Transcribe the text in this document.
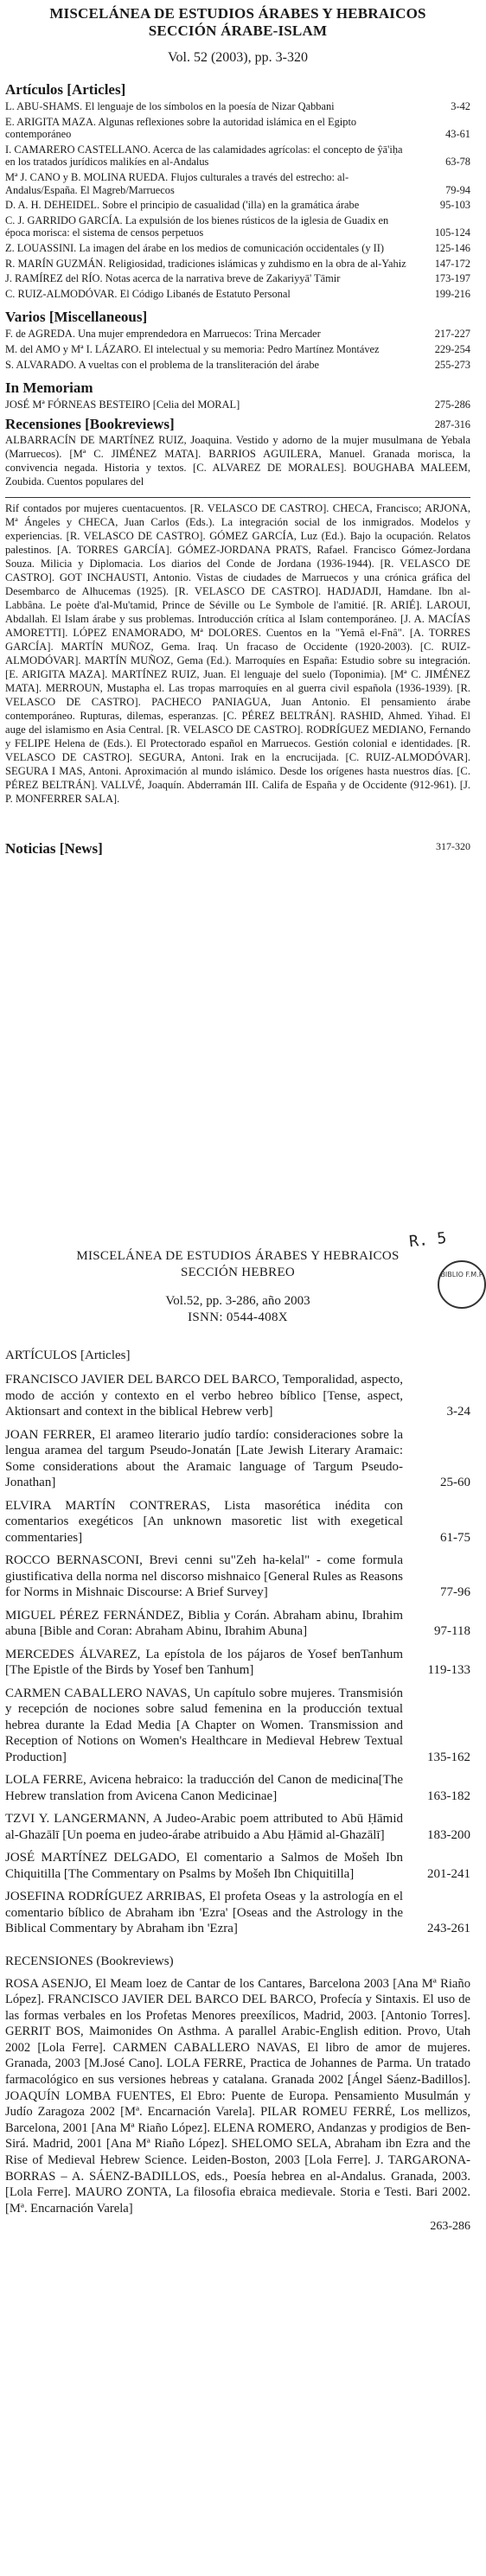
MISCELÁNEA DE ESTUDIOS ÁRABES Y HEBRAICOS

SECCIÓN ÁRABE-ISLAM

Vol. 52 (2003), pp. 3-320
Artículos [Articles]
L. ABU-SHAMS. El lenguaje de los símbolos en la poesía de Nizar Qabbani	3-42
E. ARIGITA MAZA. Algunas reflexiones sobre la autoridad islámica en el Egipto contemporáneo	43-61
I. CAMARERO CASTELLANO. Acerca de las calamidades agrícolas: el concepto de ŷā'iḥa en los tratados jurídicos malikíes en al-Andalus	63-78
Mª J. CANO y B. MOLINA RUEDA. Flujos culturales a través del estrecho: al-Andalus/España. El Magreb/Marruecos	79-94
D. A. H. DEHEIDEL. Sobre el principio de casualidad ('illa) en la gramática árabe	95-103
C. J. GARRIDO GARCÍA. La expulsión de los bienes rústicos de la iglesia de Guadix en época morisca: el sistema de censos perpetuos	105-124
Z. LOUASSINI. La imagen del árabe en los medios de comunicación occidentales (y II)	125-146
R. MARÍN GUZMÁN. Religiosidad, tradiciones islámicas y zuhdismo en la obra de al-Yahiz	147-172
J. RAMÍREZ del RÍO. Notas acerca de la narrativa breve de Zakariyyā' Tāmir	173-197
C. RUIZ-ALMODÓVAR. El Código Libanés de Estatuto Personal	199-216
Varios [Miscellaneous]
F. de AGREDA. Una mujer emprendedora en Marruecos: Trina Mercader	217-227
M. del AMO y Mª I. LÁZARO. El intelectual y su memoria: Pedro Martínez Montávez	229-254
S. ALVARADO. A vueltas con el problema de la transliteración del árabe	255-273
In Memoriam
JOSÉ Mª FÓRNEAS BESTEIRO [Celia del MORAL]	275-286
Recensiones [Bookreviews]	287-316

ALBARRACÍN DE MARTÍNEZ RUIZ, Joaquina. Vestido y adorno de la mujer musulmana de Yebala (Marruecos). [Mª C. JIMÉNEZ MATA]. BARRIOS AGUILERA, Manuel. Granada morisca, la convivencia negada. Historia y textos. [C. ALVAREZ DE MORALES]. BOUGHABA MALEEM, Zoubida. Cuentos populares del

Rif contados por mujeres cuentacuentos. [R. VELASCO DE CASTRO]. CHECA, Francisco; ARJONA, Mª Ángeles y CHECA, Juan Carlos (Eds.). La integración social de los inmigrados. Modelos y experiencias. [R. VELASCO DE CASTRO]. GÓMEZ GARCÍA, Luz (Ed.). Bajo la ocupación. Relatos palestinos. [A. TORRES GARCÍA]. GÓMEZ-JORDANA PRATS, Rafael. Francisco Gómez-Jordana Souza. Milicia y Diplomacia. Los diarios del Conde de Jordana (1936-1944). [R. VELASCO DE CASTRO]. GOT INCHAUSTI, Antonio. Vistas de ciudades de Marruecos y una crónica gráfica del Desembarco de Alhucemas (1925). [R. VELASCO DE CASTRO]. HADJADJI, Hamdane. Ibn al-Labbâna. Le poète d'al-Mu'tamid, Prince de Séville ou Le Symbole de l'amitié. [R. ARIÉ]. LAROUI, Abdallah. El Islam árabe y sus problemas. Introducción crítica al Islam contemporáneo. [J. A. MACÍAS AMORETTI]. LÓPEZ ENAMORADO, Mª DOLORES. Cuentos en la "Yemâ el-Fnâ". [A. TORRES GARCÍA]. MARTÍN MUÑOZ, Gema. Iraq. Un fracaso de Occidente (1920-2003). [C. RUIZ-ALMODÓVAR]. MARTÍN MUÑOZ, Gema (Ed.). Marroquíes en España: Estudio sobre su integración. [E. ARIGITA MAZA]. MARTÍNEZ RUIZ, Juan. El lenguaje del suelo (Toponimia). [Mª C. JIMÉNEZ MATA]. MERROUN, Mustapha el. Las tropas marroquíes en al guerra civil española (1936-1939). [R. VELASCO DE CASTRO]. PACHECO PANIAGUA, Juan Antonio. El pensamiento árabe contemporáneo. Rupturas, dilemas, esperanzas. [C. PÉREZ BELTRÁN]. RASHID, Ahmed. Yihad. El auge del islamismo en Asia Central. [R. VELASCO DE CASTRO]. RODRÍGUEZ MEDIANO, Fernando y FELIPE Helena de (Eds.). El Protectorado español en Marruecos. Gestión colonial e identidades. [R. VELASCO DE CASTRO]. SEGURA, Antoni. Irak en la encrucijada. [C. RUIZ-ALMODÓVAR]. SEGURA I MAS, Antoni. Aproximación al mundo islámico. Desde los orígenes hasta nuestros días. [C. PÉREZ BELTRÁN]. VALLVÉ, Joaquín. Abderramán III. Califa de España y de Occidente (912-961). [J. P. MONFERRER SALA].

Noticias [News]	317-320

MISCELÁNEA DE ESTUDIOS ÁRABES Y HEBRAICOS

SECCIÓN HEBREO

Vol.52, pp. 3-286, año 2003

ISNN: 0544-408X

R. 5
BIBLIO F.M.P
ARTÍCULOS [Articles]
FRANCISCO JAVIER DEL BARCO DEL BARCO, Temporalidad, aspecto, modo de acción y contexto en el verbo hebreo bíblico [Tense, aspect, Aktionsart and context in the biblical Hebrew verb]	3-24
JOAN FERRER, El arameo literario judío tardío: consideraciones sobre la lengua aramea del targum Pseudo-Jonatán [Late Jewish Literary Aramaic: Some considerations about the Aramaic language of Targum Pseudo-Jonathan]	25-60
ELVIRA MARTÍN CONTRERAS, Lista masorética inédita con comentarios exegéticos [An unknown masoretic list with exegetical commentaries]	61-75
ROCCO BERNASCONI, Brevi cenni su"Zeh ha-kelal" - come formula giustificativa della norma nel discorso mishnaico [General Rules as Reasons for Norms in Mishnaic Discourse: A Brief Survey]	77-96
MIGUEL PÉREZ FERNÁNDEZ, Biblia y Corán. Abraham abinu, Ibrahim abuna [Bible and Coran: Abraham Abinu, Ibrahim Abuna]	97-118
MERCEDES ÁLVAREZ, La epístola de los pájaros de Yosef benTanhum [The Epistle of the Birds by Yosef ben Tanhum]	119-133
CARMEN CABALLERO NAVAS, Un capítulo sobre mujeres. Transmisión y recepción de nociones sobre salud femenina en la producción textual hebrea durante la Edad Media [A Chapter on Women. Transmission and Reception of Notions on Women's Healthcare in Medieval Hebrew Textual Production]	135-162
LOLA FERRE, Avicena hebraico: la traducción del Canon de medicina[The Hebrew translation from Avicena Canon Medicinae]	163-182
TZVI Y. LANGERMANN, A Judeo-Arabic poem attributed to Abū Ḥāmid al-Ghazālī [Un poema en judeo-árabe atribuido a Abu Ḥāmid al-Ghazālī]	183-200
JOSÉ MARTÍNEZ DELGADO, El comentario a Salmos de Mošeh Ibn Chiquitilla [The Commentary on Psalms by Mošeh Ibn Chiquitilla]	201-241
JOSEFINA RODRÍGUEZ ARRIBAS, El profeta Oseas y la astrología en el comentario bíblico de Abraham ibn 'Ezra' [Oseas and the Astrology in the Biblical Commentary by Abraham ibn 'Ezra]	243-261
RECENSIONES (Bookreviews)

ROSA ASENJO, El Meam loez de Cantar de los Cantares, Barcelona 2003 [Ana Mª Riaño López]. FRANCISCO JAVIER DEL BARCO DEL BARCO, Profecía y Sintaxis. El uso de las formas verbales en los Profetas Menores preexílicos, Madrid, 2003. [Antonio Torres]. GERRIT BOS, Maimonides On Asthma. A parallel Arabic-English edition. Provo, Utah 2002 [Lola Ferre]. CARMEN CABALLERO NAVAS, El libro de amor de mujeres. Granada, 2003 [M.José Cano]. LOLA FERRE, Practica de Johannes de Parma. Un tratado farmacológico en sus versiones hebreas y catalana. Granada 2002 [Ángel Sáenz-Badillos]. JOAQUÍN LOMBA FUENTES, El Ebro: Puente de Europa. Pensamiento Musulmán y Judío Zaragoza 2002 [Mª. Encarnación Varela]. PILAR ROMEU FERRÉ, Los mellizos, Barcelona, 2001 [Ana Mª Riaño López]. ELENA ROMERO, Andanzas y prodigios de Ben-Sirá. Madrid, 2001 [Ana Mª Riaño López]. SHELOMO SELA, Abraham ibn Ezra and the Rise of Medieval Hebrew Science. Leiden-Boston, 2003 [Lola Ferre]. J. TARGARONA-BORRAS – A. SÁENZ-BADILLOS, eds., Poesía hebrea en al-Andalus. Granada, 2003. [Lola Ferre]. MAURO ZONTA, La filosofia ebraica medievale. Storia e Testi. Bari 2002. [Mª. Encarnación Varela]

263-286
